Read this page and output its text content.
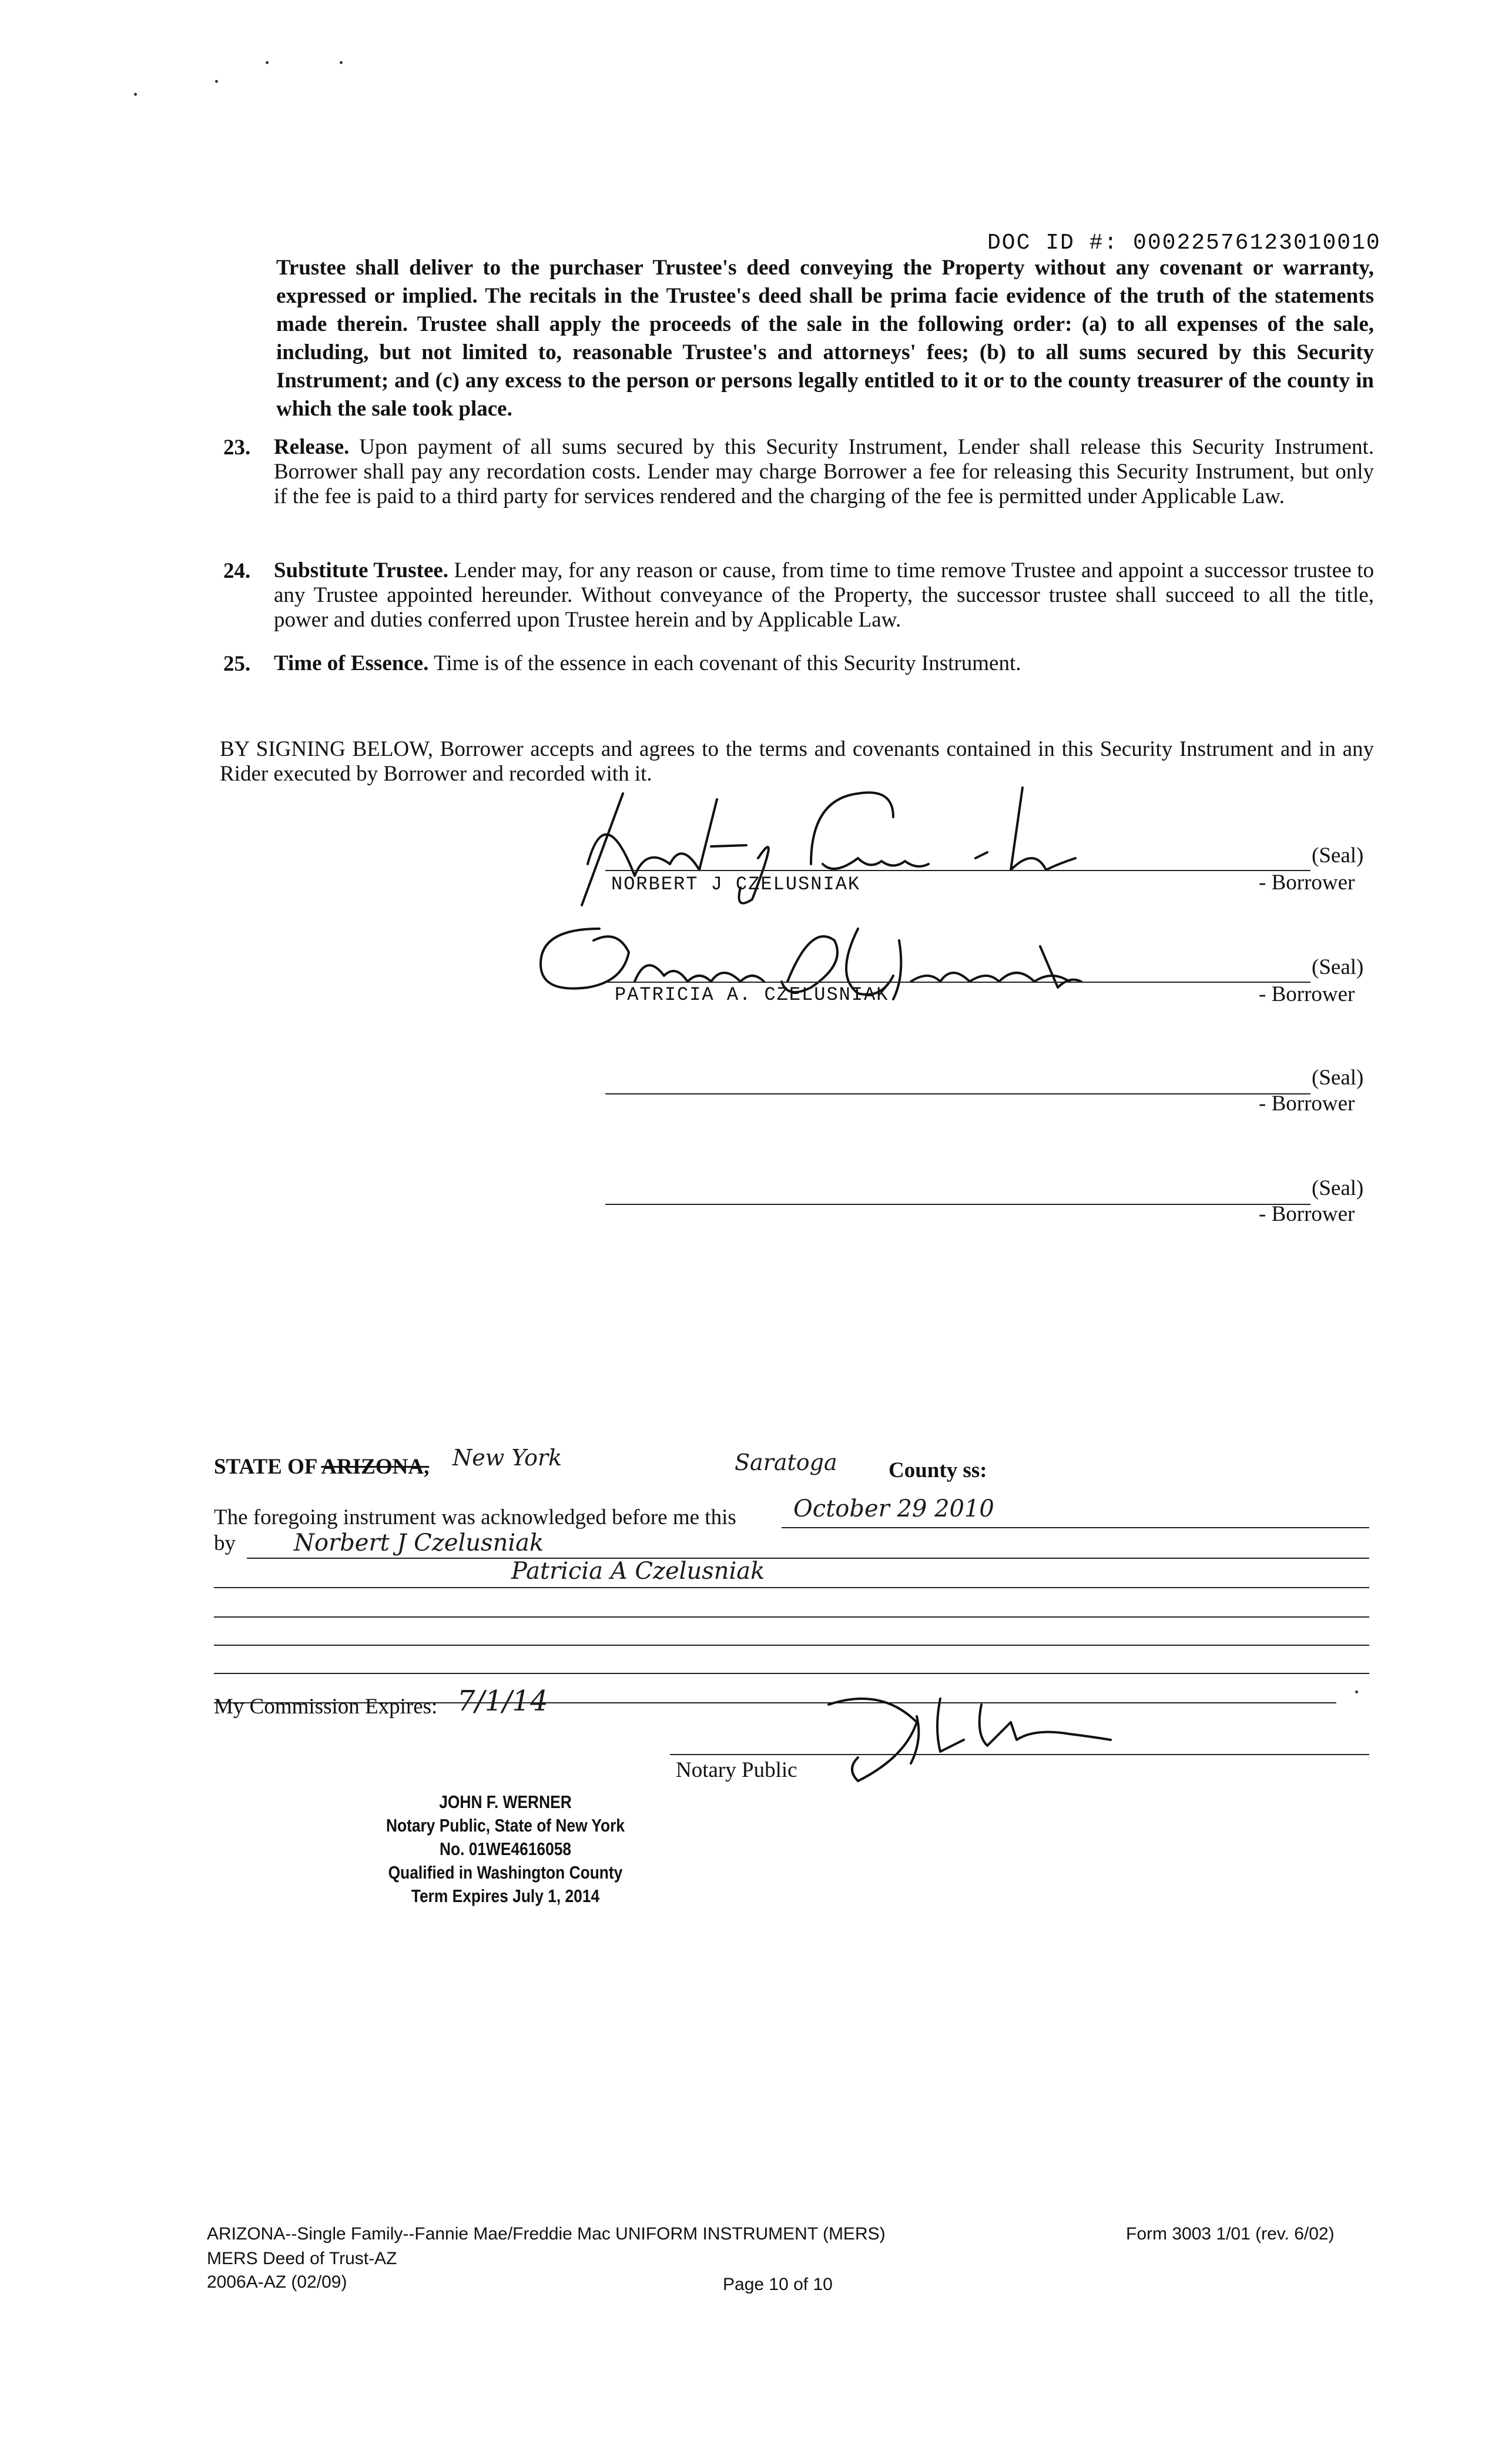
DOC ID #: 00022576123010010
Trustee shall deliver to the purchaser Trustee's deed conveying the Property without any covenant or warranty, expressed or implied. The recitals in the Trustee's deed shall be prima facie evidence of the truth of the statements made therein. Trustee shall apply the proceeds of the sale in the following order: (a) to all expenses of the sale, including, but not limited to, reasonable Trustee's and attorneys' fees; (b) to all sums secured by this Security Instrument; and (c) any excess to the person or persons legally entitled to it or to the county treasurer of the county in which the sale took place.
23. Release. Upon payment of all sums secured by this Security Instrument, Lender shall release this Security Instrument. Borrower shall pay any recordation costs. Lender may charge Borrower a fee for releasing this Security Instrument, but only if the fee is paid to a third party for services rendered and the charging of the fee is permitted under Applicable Law.
24. Substitute Trustee. Lender may, for any reason or cause, from time to time remove Trustee and appoint a successor trustee to any Trustee appointed hereunder. Without conveyance of the Property, the successor trustee shall succeed to all the title, power and duties conferred upon Trustee herein and by Applicable Law.
25. Time of Essence. Time is of the essence in each covenant of this Security Instrument.
BY SIGNING BELOW, Borrower accepts and agrees to the terms and covenants contained in this Security Instrument and in any Rider executed by Borrower and recorded with it.
(Seal)
NORBERT J CZELUSNIAK	- Borrower
(Seal)
PATRICIA A. CZELUSNIAK	- Borrower
(Seal)
- Borrower
(Seal)
- Borrower
STATE OF ARIZONA, New York	Saratoga County ss:
The foregoing instrument was acknowledged before me this October 29 2010
by Norbert J Czelusniak
Patricia A Czelusniak
My Commission Expires: 7/1/14
Notary Public
JOHN F. WERNER
Notary Public, State of New York
No. 01WE4616058
Qualified in Washington County
Term Expires July 1, 2014
ARIZONA--Single Family--Fannie Mae/Freddie Mac UNIFORM INSTRUMENT (MERS)
MERS Deed of Trust-AZ
2006A-AZ (02/09)	Page 10 of 10
Form 3003 1/01 (rev. 6/02)
